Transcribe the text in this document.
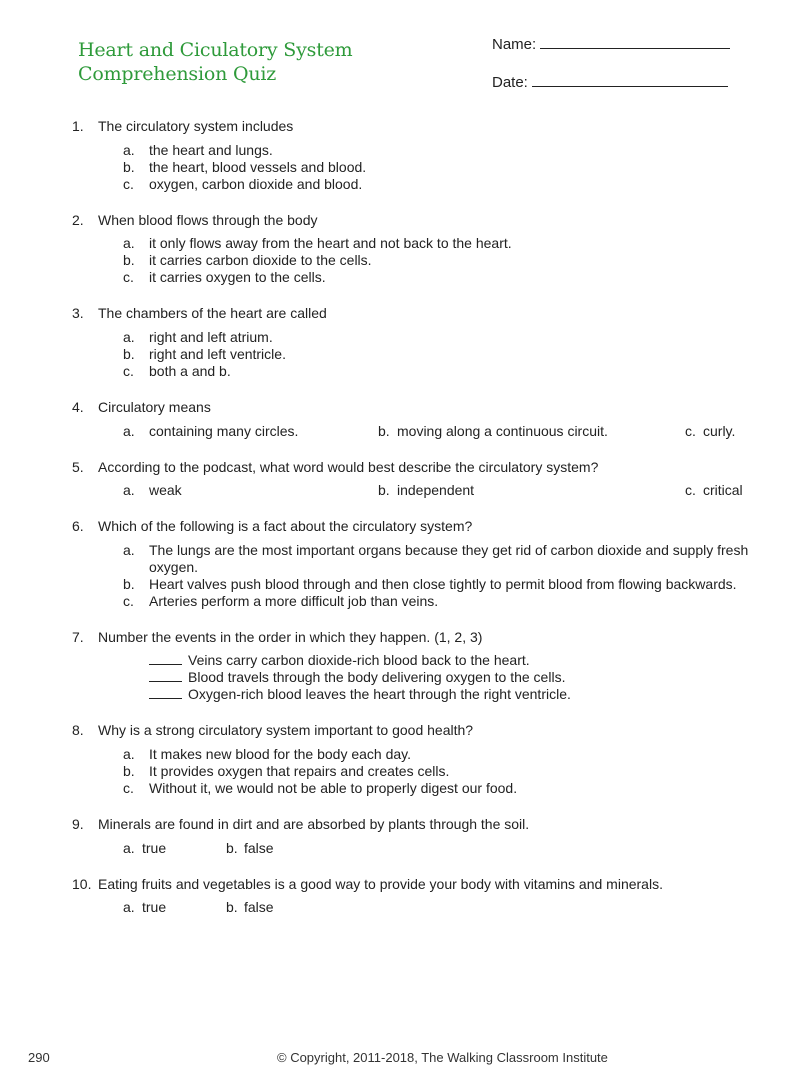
Heart and Ciculatory System
Comprehension Quiz
Name:
Date:
1.	The circulatory system includes
a.	the heart and lungs.
b.	the heart, blood vessels and blood.
c.	oxygen, carbon dioxide and blood.
2.	When blood flows through the body
a.	it only flows away from the heart and not back to the heart.
b.	it carries carbon dioxide to the cells.
c.	it carries oxygen to the cells.
3.	The chambers of the heart are called
a.	right and left atrium.
b.	right and left ventricle.
c.	both a and b.
4.	Circulatory means
a. containing many circles.	b. moving along a continuous circuit.	c. curly.
5.	According to the podcast, what word would best describe the circulatory system?
a. weak	b. independent	c. critical
6.	Which of the following is a fact about the circulatory system?
a.	The lungs are the most important organs because they get rid of carbon dioxide and supply fresh oxygen.
b.	Heart valves push blood through and then close tightly to permit blood from flowing backwards.
c.	Arteries perform a more difficult job than veins.
7.	Number the events in the order in which they happen. (1, 2, 3)
Veins carry carbon dioxide-rich blood back to the heart.
Blood travels through the body delivering oxygen to the cells.
Oxygen-rich blood leaves the heart through the right ventricle.
8.	Why is a strong circulatory system important to good health?
a.	It makes new blood for the body each day.
b.	It provides oxygen that repairs and creates cells.
c.	Without it, we would not be able to properly digest our food.
9.	Minerals are found in dirt and are absorbed by plants through the soil.
a. true	b. false
10. Eating fruits and vegetables is a good way to provide your body with vitamins and minerals.
a. true	b. false
290	© Copyright, 2011-2018, The Walking Classroom Institute
